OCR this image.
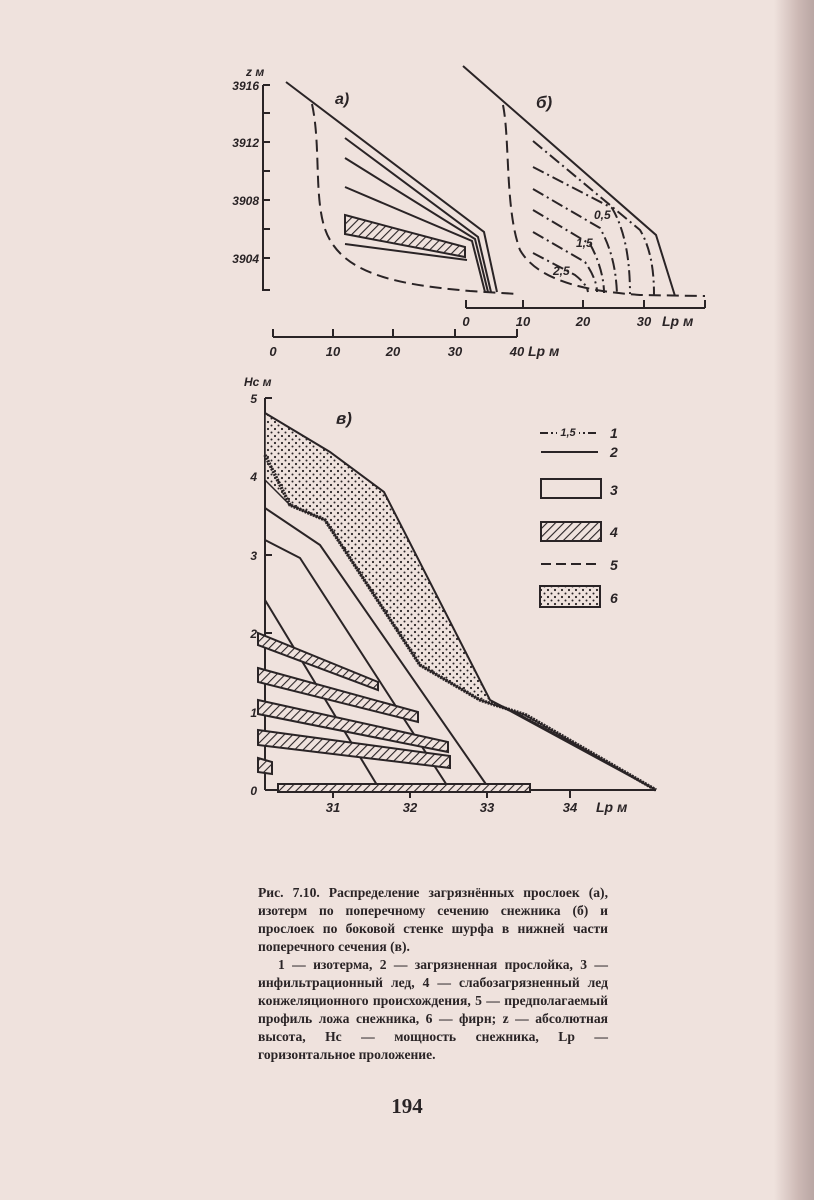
z м
3916
3912
3908
3904
а)
0	10	20	30	40 Lр м
б)
0,5
1,5
2,5
0	10	20	30 Lр м
Hс м
5
4
3
2
1
0
31	32	33	34 Lр м
в)
1,5 1
2
3
4
5
6

Рис. 7.10. Распределение загрязнённых прослоек (а), изотерм по поперечному сечению снежника (б) и прослоек по боковой стенке шурфа в нижней части поперечного сечения (в).

1 — изотерма, 2 — загрязненная прослойка, 3 — инфильтрационный лед, 4 — слабозагрязненный лед конжеляционного происхождения, 5 — предполагаемый профиль ложа снежника, 6 — фирн; z — абсолютная высота, Hс — мощность снежника, Lр — горизонтальное проложение.

194
